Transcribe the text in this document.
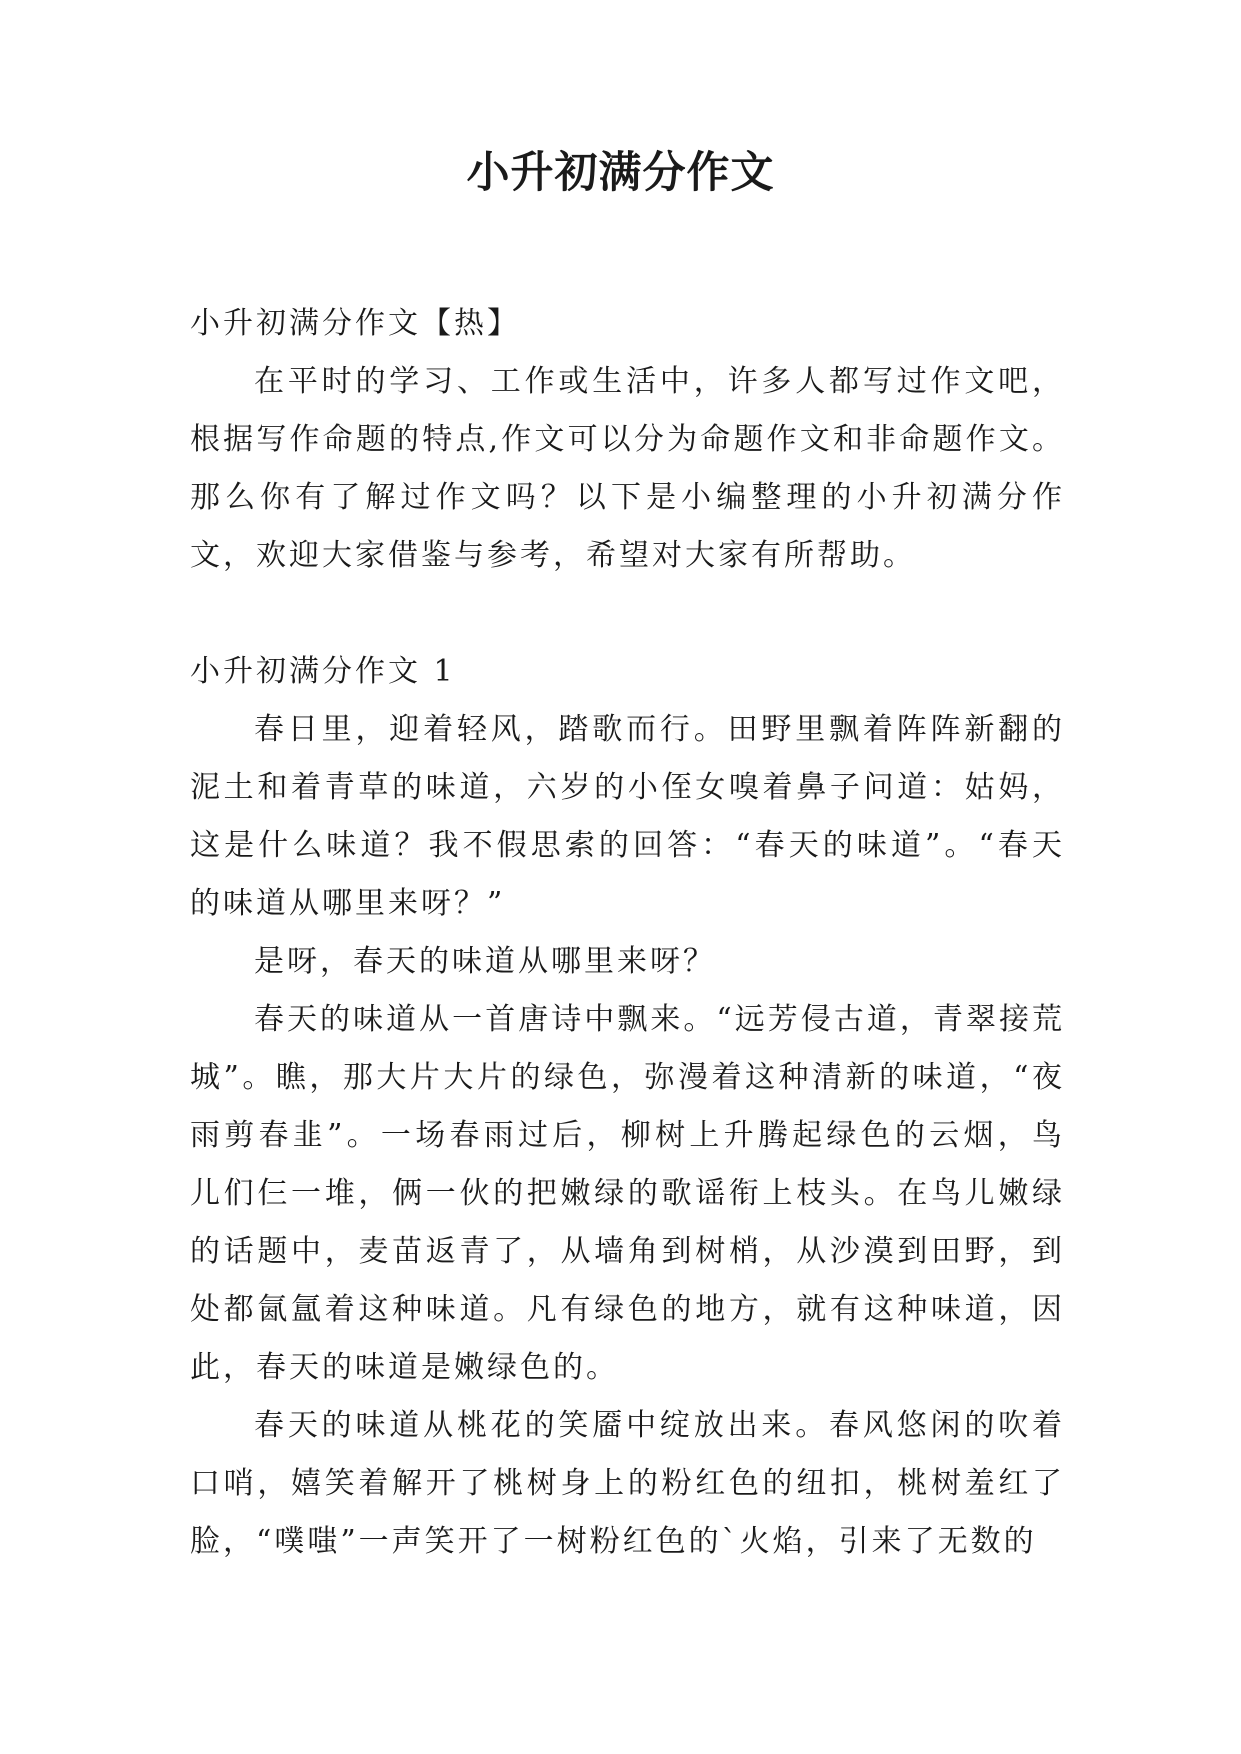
小升初满分作文
小升初满分作文【热】

在平时的学习、工作或生活中，许多人都写过作文吧，根据写作命题的特点,作文可以分为命题作文和非命题作文。那么你有了解过作文吗？以下是小编整理的小升初满分作文，欢迎大家借鉴与参考，希望对大家有所帮助。

小升初满分作文 1

春日里，迎着轻风，踏歌而行。田野里飘着阵阵新翻的泥土和着青草的味道，六岁的小侄女嗅着鼻子问道：姑妈，这是什么味道？我不假思索的回答：“春天的味道”。“春天的味道从哪里来呀？”

是呀，春天的味道从哪里来呀？

春天的味道从一首唐诗中飘来。“远芳侵古道，青翠接荒城”。瞧，那大片大片的绿色，弥漫着这种清新的味道，“夜雨剪春韭”。一场春雨过后，柳树上升腾起绿色的云烟，鸟儿们仨一堆，俩一伙的把嫩绿的歌谣衔上枝头。在鸟儿嫩绿的话题中，麦苗返青了，从墙角到树梢，从沙漠到田野，到处都氤氲着这种味道。凡有绿色的地方，就有这种味道，因此，春天的味道是嫩绿色的。

春天的味道从桃花的笑靥中绽放出来。春风悠闲的吹着口哨，嬉笑着解开了桃树身上的粉红色的纽扣，桃树羞红了脸，“噗嗤”一声笑开了一树粉红色的`火焰，引来了无数的
